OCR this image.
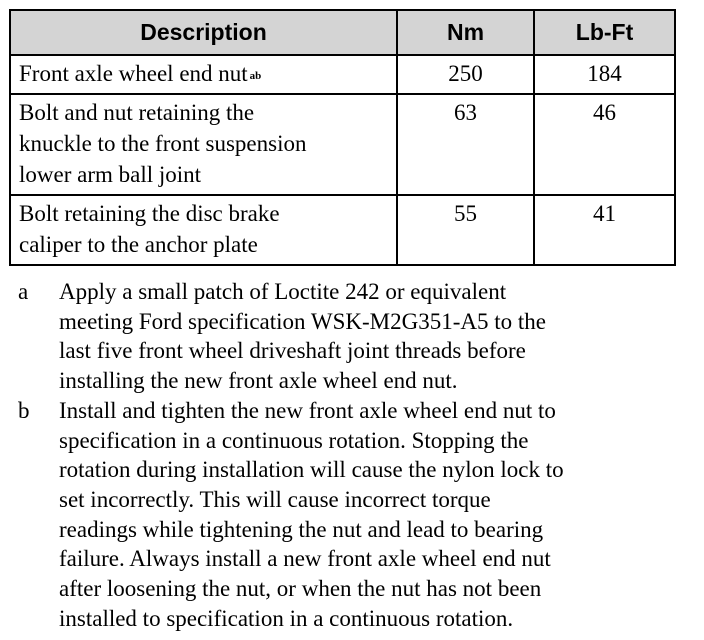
Description	Nm	Lb-Ft
Front axle wheel end nut $^{ab}$	250	184

Bolt and nut retaining the
knuckle to the front suspension
lower arm ball joint	63	46

Bolt retaining the disc brake
caliper to the anchor plate	55	41
a	Apply a small patch of Loctite 242 or equivalent
meeting Ford specification WSK-M2G351-A5 to the
last five front wheel driveshaft joint threads before
installing the new front axle wheel end nut.
b	Install and tighten the new front axle wheel end nut to
specification in a continuous rotation. Stopping the
rotation during installation will cause the nylon lock to
set incorrectly. This will cause incorrect torque
readings while tightening the nut and lead to bearing
failure. Always install a new front axle wheel end nut
after loosening the nut, or when the nut has not been
installed to specification in a continuous rotation.
